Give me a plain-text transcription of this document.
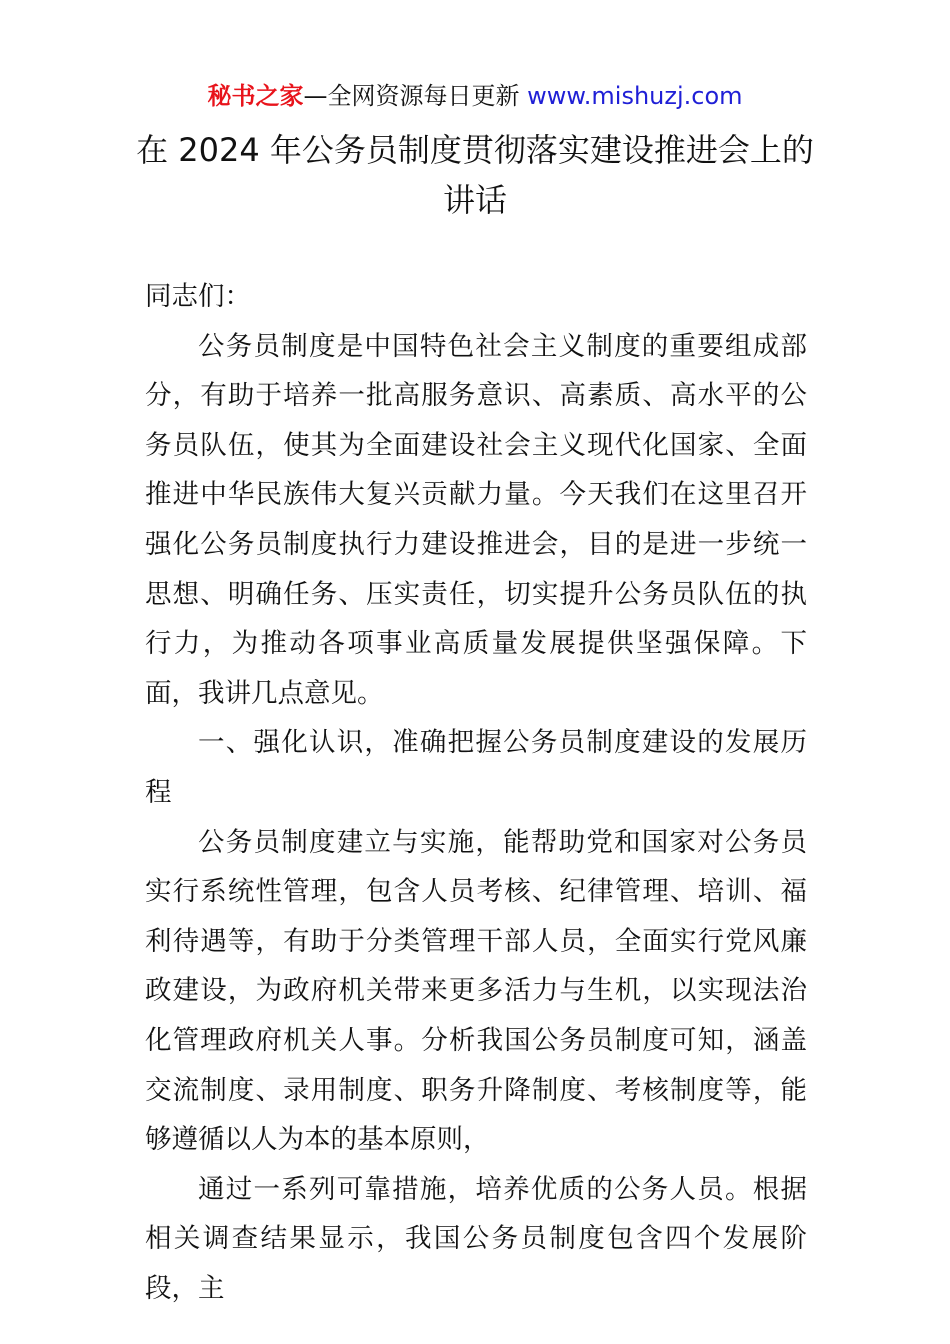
秘书之家—全网资源每日更新 www.mishuzj.com
在 2024 年公务员制度贯彻落实建设推进会上的讲话

同志们：

公务员制度是中国特色社会主义制度的重要组成部分，有助于培养一批高服务意识、高素质、高水平的公务员队伍，使其为全面建设社会主义现代化国家、全面推进中华民族伟大复兴贡献力量。今天我们在这里召开强化公务员制度执行力建设推进会，目的是进一步统一思想、明确任务、压实责任，切实提升公务员队伍的执行力，为推动各项事业高质量发展提供坚强保障。下面，我讲几点意见。

一、强化认识，准确把握公务员制度建设的发展历程

公务员制度建立与实施，能帮助党和国家对公务员实行系统性管理，包含人员考核、纪律管理、培训、福利待遇等，有助于分类管理干部人员，全面实行党风廉政建设，为政府机关带来更多活力与生机，以实现法治化管理政府机关人事。分析我国公务员制度可知，涵盖交流制度、录用制度、职务升降制度、考核制度等，能够遵循以人为本的基本原则，

通过一系列可靠措施，培养优质的公务人员。根据相关调查结果显示，我国公务员制度包含四个发展阶段，主
